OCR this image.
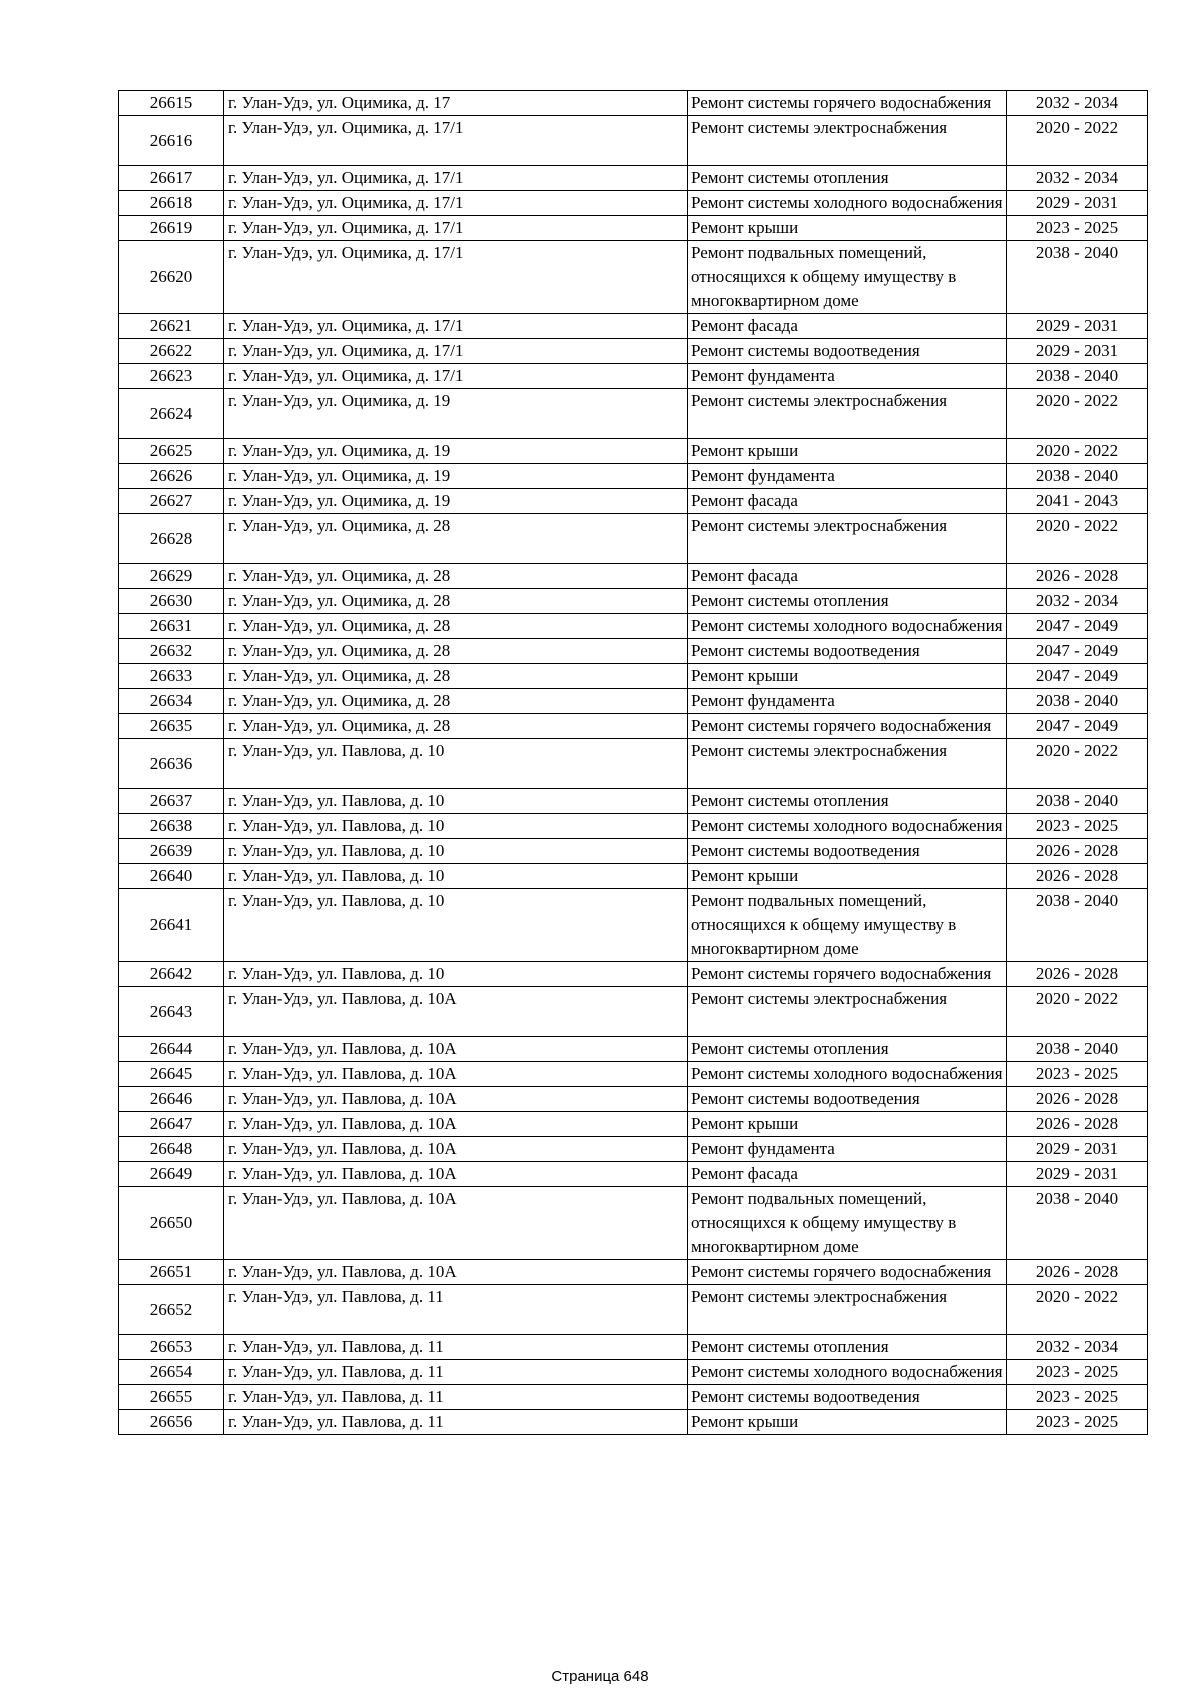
26615	г. Улан-Удэ, ул. Оцимика, д. 17	Ремонт системы горячего водоснабжения	2032 - 2034
26616	г. Улан-Удэ, ул. Оцимика, д. 17/1	Ремонт системы электроснабжения	2020 - 2022
26617	г. Улан-Удэ, ул. Оцимика, д. 17/1	Ремонт системы отопления	2032 - 2034
26618	г. Улан-Удэ, ул. Оцимика, д. 17/1	Ремонт системы холодного водоснабжения	2029 - 2031
26619	г. Улан-Удэ, ул. Оцимика, д. 17/1	Ремонт крыши	2023 - 2025
26620	г. Улан-Удэ, ул. Оцимика, д. 17/1	Ремонт подвальных помещений, относящихся к общему имуществу в многоквартирном доме	2038 - 2040
26621	г. Улан-Удэ, ул. Оцимика, д. 17/1	Ремонт фасада	2029 - 2031
26622	г. Улан-Удэ, ул. Оцимика, д. 17/1	Ремонт системы водоотведения	2029 - 2031
26623	г. Улан-Удэ, ул. Оцимика, д. 17/1	Ремонт фундамента	2038 - 2040
26624	г. Улан-Удэ, ул. Оцимика, д. 19	Ремонт системы электроснабжения	2020 - 2022
26625	г. Улан-Удэ, ул. Оцимика, д. 19	Ремонт крыши	2020 - 2022
26626	г. Улан-Удэ, ул. Оцимика, д. 19	Ремонт фундамента	2038 - 2040
26627	г. Улан-Удэ, ул. Оцимика, д. 19	Ремонт фасада	2041 - 2043
26628	г. Улан-Удэ, ул. Оцимика, д. 28	Ремонт системы электроснабжения	2020 - 2022
26629	г. Улан-Удэ, ул. Оцимика, д. 28	Ремонт фасада	2026 - 2028
26630	г. Улан-Удэ, ул. Оцимика, д. 28	Ремонт системы отопления	2032 - 2034
26631	г. Улан-Удэ, ул. Оцимика, д. 28	Ремонт системы холодного водоснабжения	2047 - 2049
26632	г. Улан-Удэ, ул. Оцимика, д. 28	Ремонт системы водоотведения	2047 - 2049
26633	г. Улан-Удэ, ул. Оцимика, д. 28	Ремонт крыши	2047 - 2049
26634	г. Улан-Удэ, ул. Оцимика, д. 28	Ремонт фундамента	2038 - 2040
26635	г. Улан-Удэ, ул. Оцимика, д. 28	Ремонт системы горячего водоснабжения	2047 - 2049
26636	г. Улан-Удэ, ул. Павлова, д. 10	Ремонт системы электроснабжения	2020 - 2022
26637	г. Улан-Удэ, ул. Павлова, д. 10	Ремонт системы отопления	2038 - 2040
26638	г. Улан-Удэ, ул. Павлова, д. 10	Ремонт системы холодного водоснабжения	2023 - 2025
26639	г. Улан-Удэ, ул. Павлова, д. 10	Ремонт системы водоотведения	2026 - 2028
26640	г. Улан-Удэ, ул. Павлова, д. 10	Ремонт крыши	2026 - 2028
26641	г. Улан-Удэ, ул. Павлова, д. 10	Ремонт подвальных помещений, относящихся к общему имуществу в многоквартирном доме	2038 - 2040
26642	г. Улан-Удэ, ул. Павлова, д. 10	Ремонт системы горячего водоснабжения	2026 - 2028
26643	г. Улан-Удэ, ул. Павлова, д. 10А	Ремонт системы электроснабжения	2020 - 2022
26644	г. Улан-Удэ, ул. Павлова, д. 10А	Ремонт системы отопления	2038 - 2040
26645	г. Улан-Удэ, ул. Павлова, д. 10А	Ремонт системы холодного водоснабжения	2023 - 2025
26646	г. Улан-Удэ, ул. Павлова, д. 10А	Ремонт системы водоотведения	2026 - 2028
26647	г. Улан-Удэ, ул. Павлова, д. 10А	Ремонт крыши	2026 - 2028
26648	г. Улан-Удэ, ул. Павлова, д. 10А	Ремонт фундамента	2029 - 2031
26649	г. Улан-Удэ, ул. Павлова, д. 10А	Ремонт фасада	2029 - 2031
26650	г. Улан-Удэ, ул. Павлова, д. 10А	Ремонт подвальных помещений, относящихся к общему имуществу в многоквартирном доме	2038 - 2040
26651	г. Улан-Удэ, ул. Павлова, д. 10А	Ремонт системы горячего водоснабжения	2026 - 2028
26652	г. Улан-Удэ, ул. Павлова, д. 11	Ремонт системы электроснабжения	2020 - 2022
26653	г. Улан-Удэ, ул. Павлова, д. 11	Ремонт системы отопления	2032 - 2034
26654	г. Улан-Удэ, ул. Павлова, д. 11	Ремонт системы холодного водоснабжения	2023 - 2025
26655	г. Улан-Удэ, ул. Павлова, д. 11	Ремонт системы водоотведения	2023 - 2025
26656	г. Улан-Удэ, ул. Павлова, д. 11	Ремонт крыши	2023 - 2025
Страница 648
